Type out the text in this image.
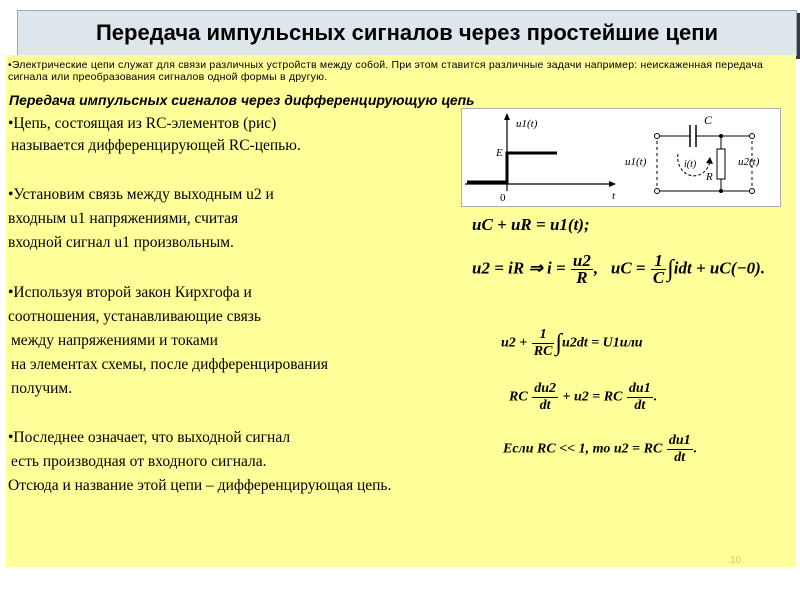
Передача импульсных сигналов через простейшие цепи
•Электрические цепи служат для связи различных устройств между собой. При этом ставится различные задачи например: неискаженная передача сигнала или преобразования сигналов одной формы в другую.
Передача импульсных сигналов через дифференцирующую цепь
•Цепь, состоящая из RC-элементов (рис)
называется дифференцирующей RC-цепью.
•Установим связь между выходным u2 и
входным u1 напряжениями, считая
входной сигнал u1 произвольным.
•Используя второй закон Кирхгофа и
соотношения, устанавливающие связь
между напряжениями и токами
на элементах схемы, после дифференцирования
получим.
•Последнее означает, что выходной сигнал
есть производная от входного сигнала.
Отсюда и название этой цепи – дифференцирующая цепь.
u1(t)
E
0	t
C
u1(t)	i(t)
R
u2(t)
uC + uR = u1(t);
u2 = iR ⇒ $i = \frac{u2}{R}$ ,   uC = $\frac{1}{C} \int idt + uC(-0)$.
$u2 + \frac{1}{RC} \int u2dt = U1или$
RC $\frac{du2}{dt} + u2$ = RC $\frac{du1}{dt}$ .
Если RC << 1, то u2 = RC $\frac{du1}{dt}$ .
10
